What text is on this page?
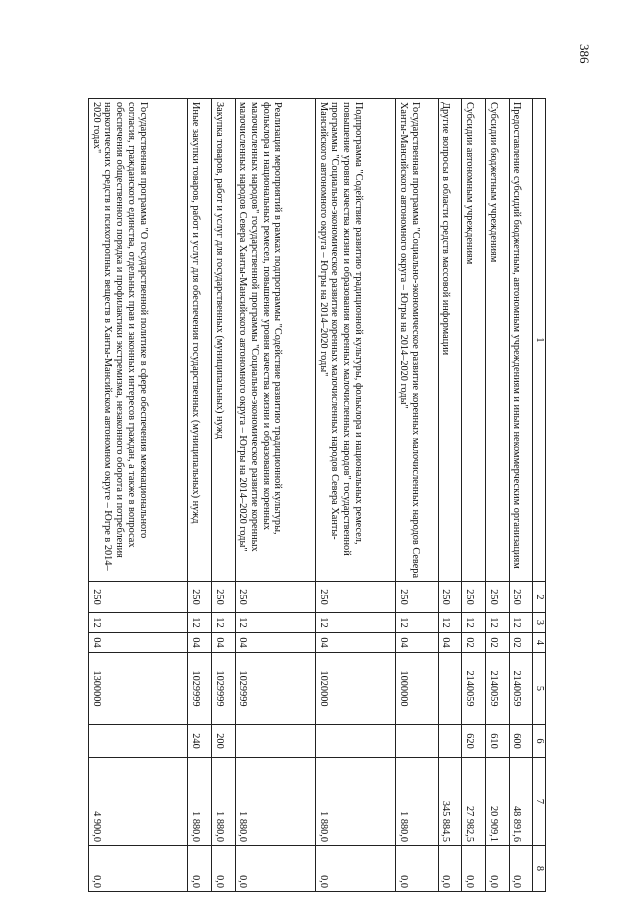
386
1	2	3	4	5	6	7	8
Предоставление субсидий бюджетным, автономным учреждениям и иным некоммерческим организациям	250	12	02	2140059	600	48 891,6	0,0
Субсидии бюджетным учреждениям	250	12	02	2140059	610	20 909,1	0,0
Субсидии автономным учреждениям	250	12	02	2140059	620	27 982,5	0,0
Другие вопросы в области средств массовой информации	250	12	04			345 884,5	0,0
Государственная программа "Социально-экономическое развитие коренных малочисленных народов Севера Ханты-Мансийского автономного округа – Югры на 2014–2020 годы"	250	12	04	1000000		1 880,0	0,0
Подпрограмма "Содействие развитию традиционной культуры, фольклора и национальных ремесел, повышение уровня качества жизни и образования коренных малочисленных народов" государственной программы "Социально-экономическое развитие коренных малочисленных народов Севера Ханты-Мансийского автономного округа – Югры на 2014–2020 годы"	250	12	04	1020000		1 880,0	0,0
Реализация мероприятий в рамках подпрограммы "Содействие развитию традиционной культуры, фольклора и национальных ремесел, повышение уровня качества жизни и образования коренных малочисленных народов" государственной программы "Социально-экономическое развитие коренных малочисленных народов Севера Ханты-Мансийского автономного округа – Югры на 2014–2020 годы"	250	12	04	1029999		1 880,0	0,0
Закупка товаров, работ и услуг для государственных (муниципальных) нужд	250	12	04	1029999	200	1 880,0	0,0
Иные закупки товаров, работ и услуг для обеспечения государственных (муниципальных) нужд	250	12	04	1029999	240	1 880,0	0,0
Государственная программа "О государственной политике в сфере обеспечения межнационального согласия, гражданского единства, отдельных прав и законных интересов граждан, а также в вопросах обеспечения общественного порядка и профилактики экстремизма, незаконного оборота и потребления наркотических средств и психотропных веществ в Ханты-Мансийском автономном округе – Югре в 2014–2020 годах"	250	12	04	1300000		4 900,0	0,0
